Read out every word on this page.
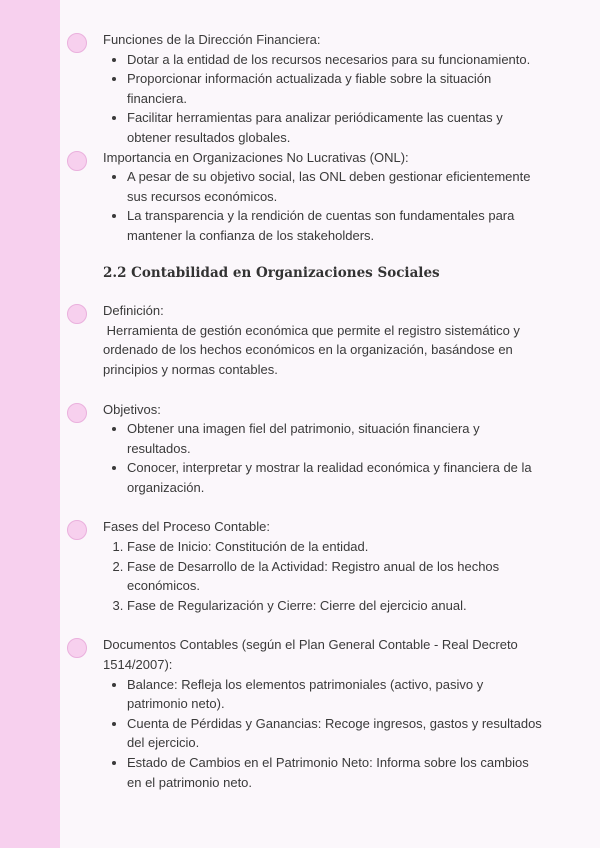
Funciones de la Dirección Financiera:

• Dotar a la entidad de los recursos necesarios para su funcionamiento.
• Proporcionar información actualizada y fiable sobre la situación financiera.
• Facilitar herramientas para analizar periódicamente las cuentas y obtener resultados globales.

Importancia en Organizaciones No Lucrativas (ONL):

• A pesar de su objetivo social, las ONL deben gestionar eficientemente sus recursos económicos.
• La transparencia y la rendición de cuentas son fundamentales para mantener la confianza de los stakeholders.
2.2 Contabilidad en Organizaciones Sociales

Definición:

Herramienta de gestión económica que permite el registro sistemático y ordenado de los hechos económicos en la organización, basándose en principios y normas contables.

Objetivos:

• Obtener una imagen fiel del patrimonio, situación financiera y resultados.
• Conocer, interpretar y mostrar la realidad económica y financiera de la organización.

Fases del Proceso Contable:

1. Fase de Inicio: Constitución de la entidad.
2. Fase de Desarrollo de la Actividad: Registro anual de los hechos económicos.
3. Fase de Regularización y Cierre: Cierre del ejercicio anual.

Documentos Contables (según el Plan General Contable - Real Decreto 1514/2007):

• Balance: Refleja los elementos patrimoniales (activo, pasivo y patrimonio neto).
• Cuenta de Pérdidas y Ganancias: Recoge ingresos, gastos y resultados del ejercicio.
• Estado de Cambios en el Patrimonio Neto: Informa sobre los cambios en el patrimonio neto.
